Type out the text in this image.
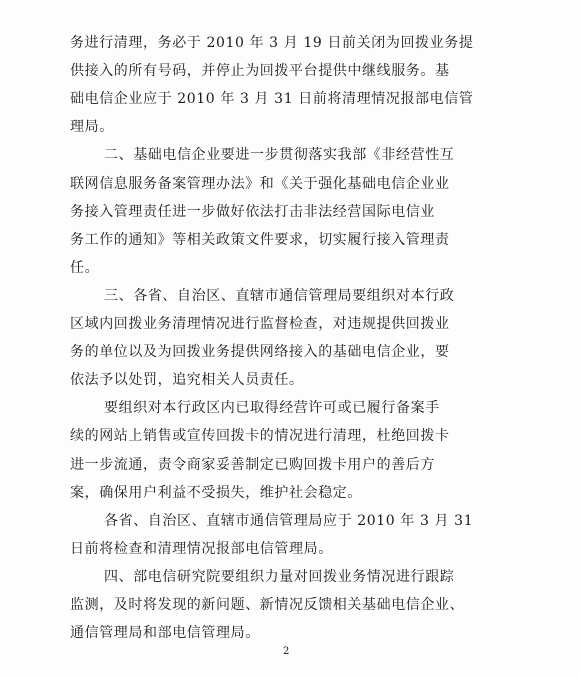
务进行清理，务必于 2010 年 3 月 19 日前关闭为回拨业务提
供接入的所有号码，并停止为回拨平台提供中继线服务。基
础电信企业应于 2010 年 3 月 31 日前将清理情况报部电信管
理局。
二、基础电信企业要进一步贯彻落实我部《非经营性互
联网信息服务备案管理办法》和《关于强化基础电信企业业
务接入管理责任进一步做好依法打击非法经营国际电信业
务工作的通知》等相关政策文件要求，切实履行接入管理责
任。
三、各省、自治区、直辖市通信管理局要组织对本行政
区域内回拨业务清理情况进行监督检查，对违规提供回拨业
务的单位以及为回拨业务提供网络接入的基础电信企业，要
依法予以处罚，追究相关人员责任。
要组织对本行政区内已取得经营许可或已履行备案手
续的网站上销售或宣传回拨卡的情况进行清理，杜绝回拨卡
进一步流通，责令商家妥善制定已购回拨卡用户的善后方
案，确保用户利益不受损失，维护社会稳定。
各省、自治区、直辖市通信管理局应于 2010 年 3 月 31
日前将检查和清理情况报部电信管理局。
四、部电信研究院要组织力量对回拨业务情况进行跟踪
监测，及时将发现的新问题、新情况反馈相关基础电信企业、
通信管理局和部电信管理局。
2
